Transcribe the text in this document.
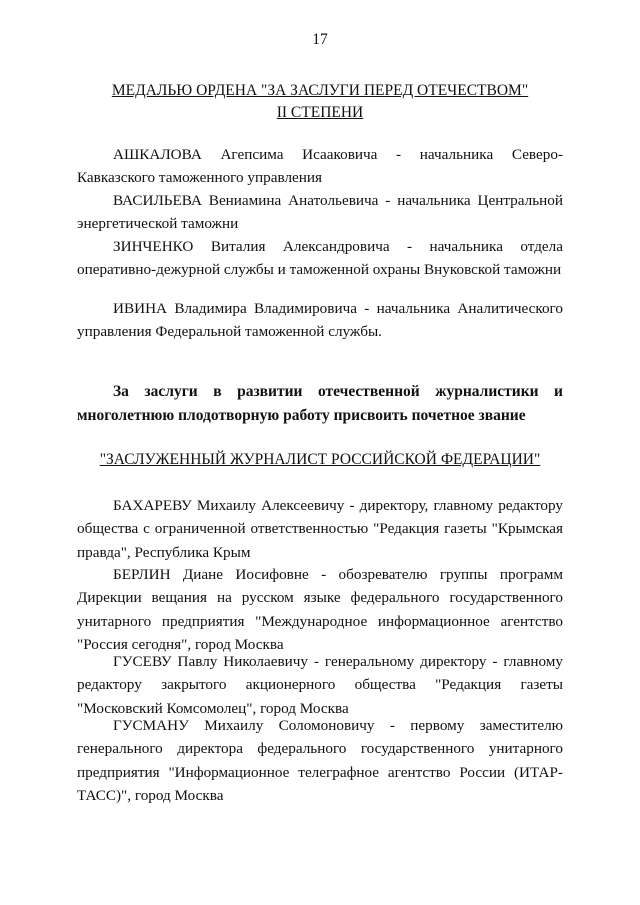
17
МЕДАЛЬЮ ОРДЕНА "ЗА ЗАСЛУГИ ПЕРЕД ОТЕЧЕСТВОМ"
II СТЕПЕНИ

АШКАЛОВА Агепсима Исааковича - начальника Северо-Кавказского таможенного управления

ВАСИЛЬЕВА Вениамина Анатольевича - начальника Центральной энергетической таможни

ЗИНЧЕНКО Виталия Александровича - начальника отдела оперативно-дежурной службы и таможенной охраны Внуковской таможни

ИВИНА Владимира Владимировича - начальника Аналитического управления Федеральной таможенной службы.

За заслуги в развитии отечественной журналистики и многолетнюю плодотворную работу присвоить почетное звание
"ЗАСЛУЖЕННЫЙ ЖУРНАЛИСТ РОССИЙСКОЙ ФЕДЕРАЦИИ"

БАХАРЕВУ Михаилу Алексеевичу - директору, главному редактору общества с ограниченной ответственностью "Редакция газеты "Крымская правда", Республика Крым

БЕРЛИН Диане Иосифовне - обозревателю группы программ Дирекции вещания на русском языке федерального государственного унитарного предприятия "Международное информационное агентство "Россия сегодня", город Москва

ГУСЕВУ Павлу Николаевичу - генеральному директору - главному редактору закрытого акционерного общества "Редакция газеты "Московский Комсомолец", город Москва

ГУСМАНУ Михаилу Соломоновичу - первому заместителю генерального директора федерального государственного унитарного предприятия "Информационное телеграфное агентство России (ИТАР-ТАСС)", город Москва
